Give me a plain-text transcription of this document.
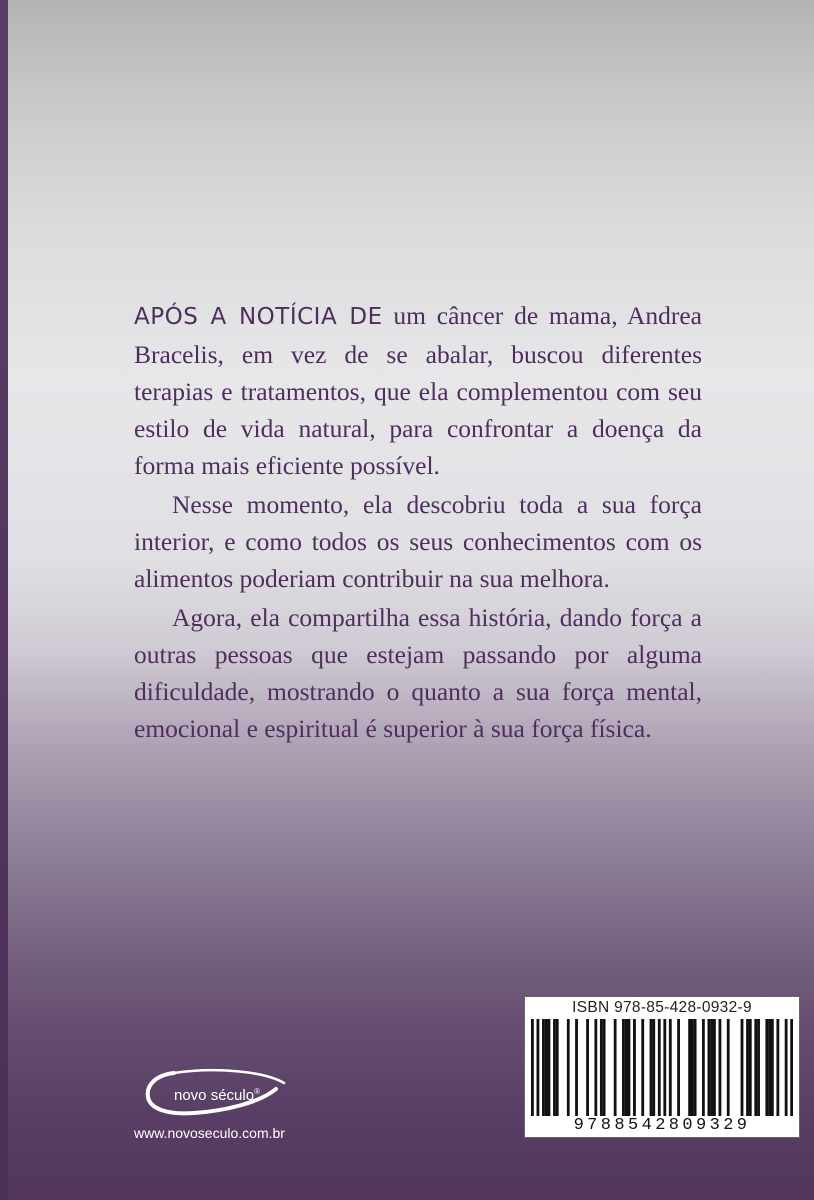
APÓS A NOTÍCIA DE um câncer de mama, Andrea Bracelis, em vez de se abalar, buscou diferentes terapias e tratamentos, que ela complementou com seu estilo de vida natural, para confrontar a doença da forma mais eficiente possível.

Nesse momento, ela descobriu toda a sua força interior, e como todos os seus conhecimentos com os alimentos poderiam contribuir na sua melhora.

Agora, ela compartilha essa história, dando força a outras pessoas que estejam passando por alguma dificuldade, mostrando o quanto a sua força mental, emocional e espiritual é superior à sua força física.

novo século®
www.novoseculo.com.br
ISBN 978-85-428-0932-9
9788542809329
